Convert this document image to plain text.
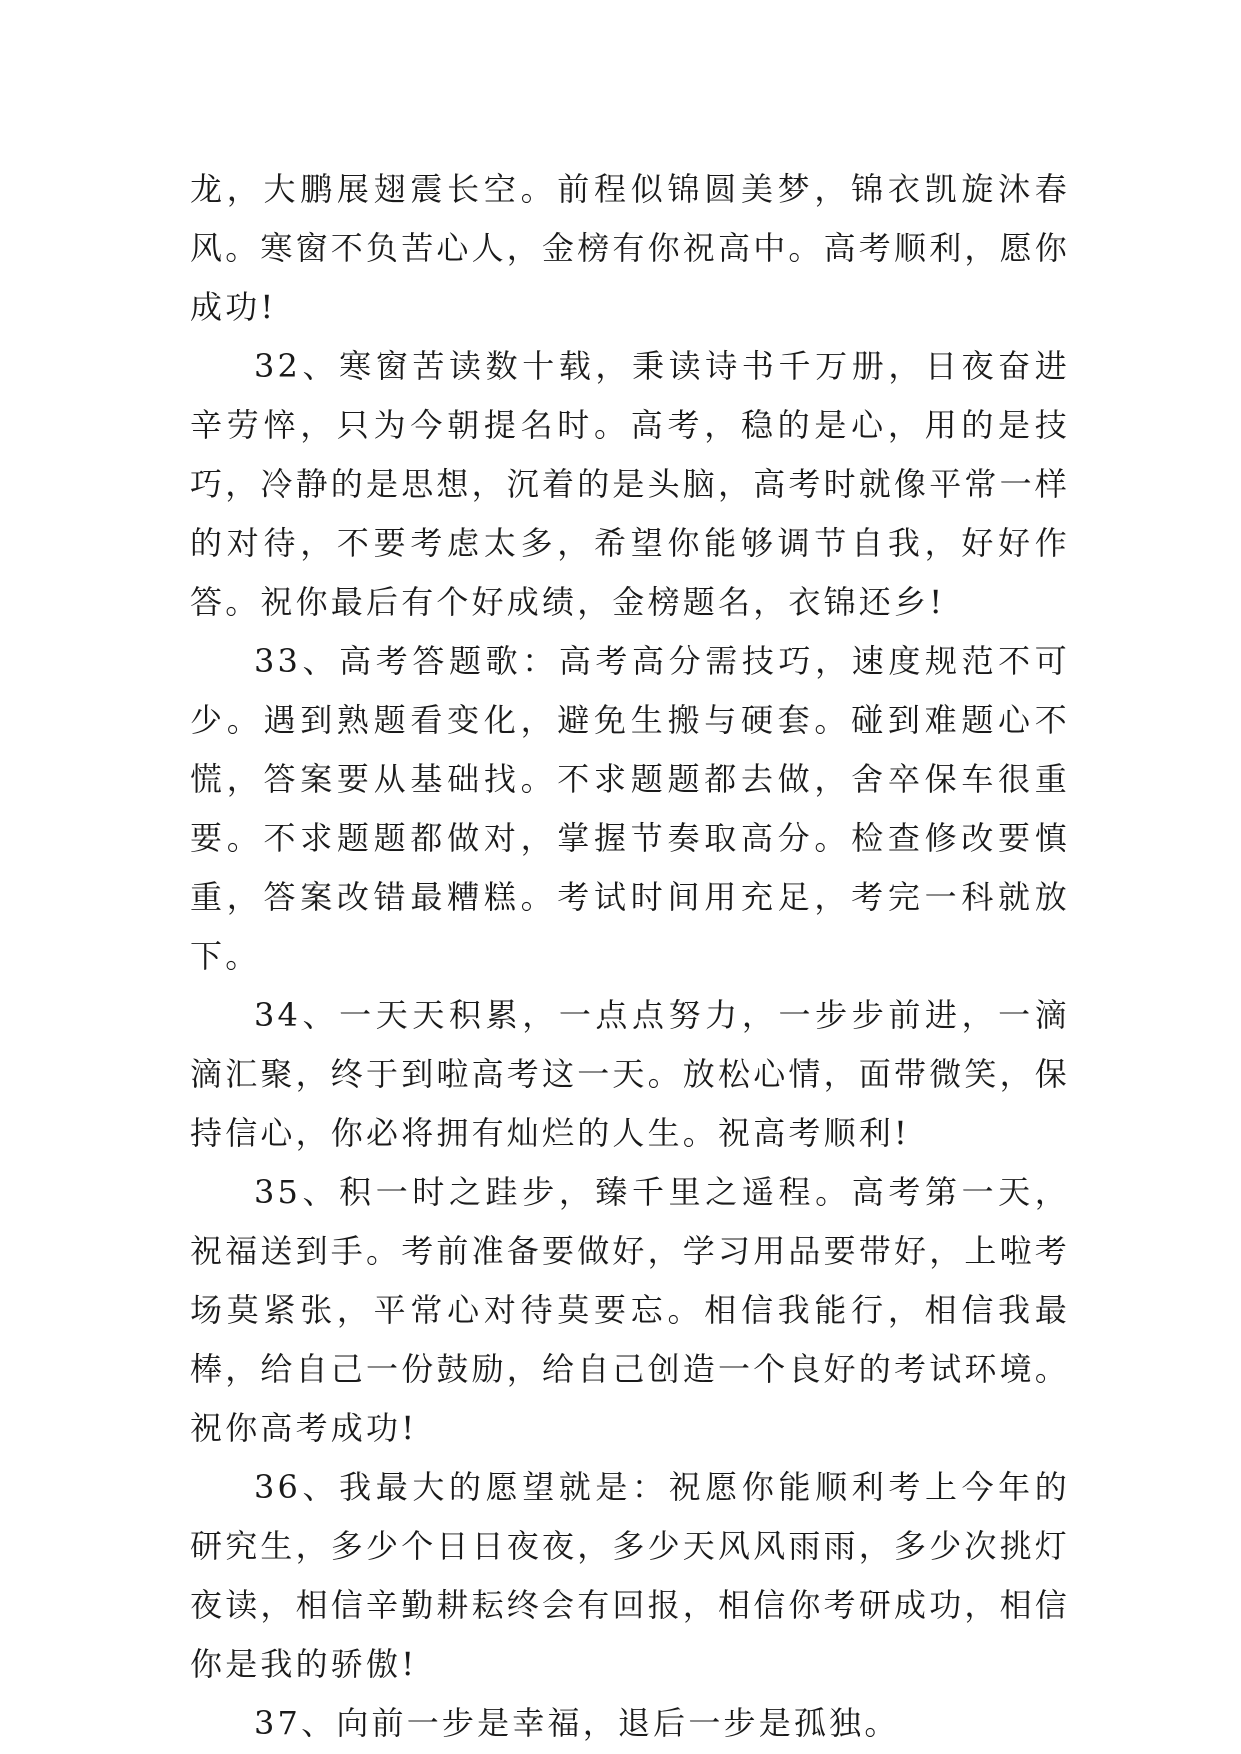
龙，大鹏展翅震长空。前程似锦圆美梦，锦衣凯旋沐春风。寒窗不负苦心人，金榜有你祝高中。高考顺利，愿你成功!

32、寒窗苦读数十载，秉读诗书千万册，日夜奋进辛劳悴，只为今朝提名时。高考，稳的是心，用的是技巧，冷静的是思想，沉着的是头脑，高考时就像平常一样的对待，不要考虑太多，希望你能够调节自我，好好作答。祝你最后有个好成绩，金榜题名，衣锦还乡!

33、高考答题歌：高考高分需技巧，速度规范不可少。遇到熟题看变化，避免生搬与硬套。碰到难题心不慌，答案要从基础找。不求题题都去做，舍卒保车很重要。不求题题都做对，掌握节奏取高分。检查修改要慎重，答案改错最糟糕。考试时间用充足，考完一科就放下。

34、一天天积累，一点点努力，一步步前进，一滴滴汇聚，终于到啦高考这一天。放松心情，面带微笑，保持信心，你必将拥有灿烂的人生。祝高考顺利!

35、积一时之跬步，臻千里之遥程。高考第一天，祝福送到手。考前准备要做好，学习用品要带好，上啦考场莫紧张，平常心对待莫要忘。相信我能行，相信我最棒，给自己一份鼓励，给自己创造一个良好的考试环境。祝你高考成功!

36、我最大的愿望就是：祝愿你能顺利考上今年的研究生，多少个日日夜夜，多少天风风雨雨，多少次挑灯夜读，相信辛勤耕耘终会有回报，相信你考研成功，相信你是我的骄傲!

37、向前一步是幸福，退后一步是孤独。
